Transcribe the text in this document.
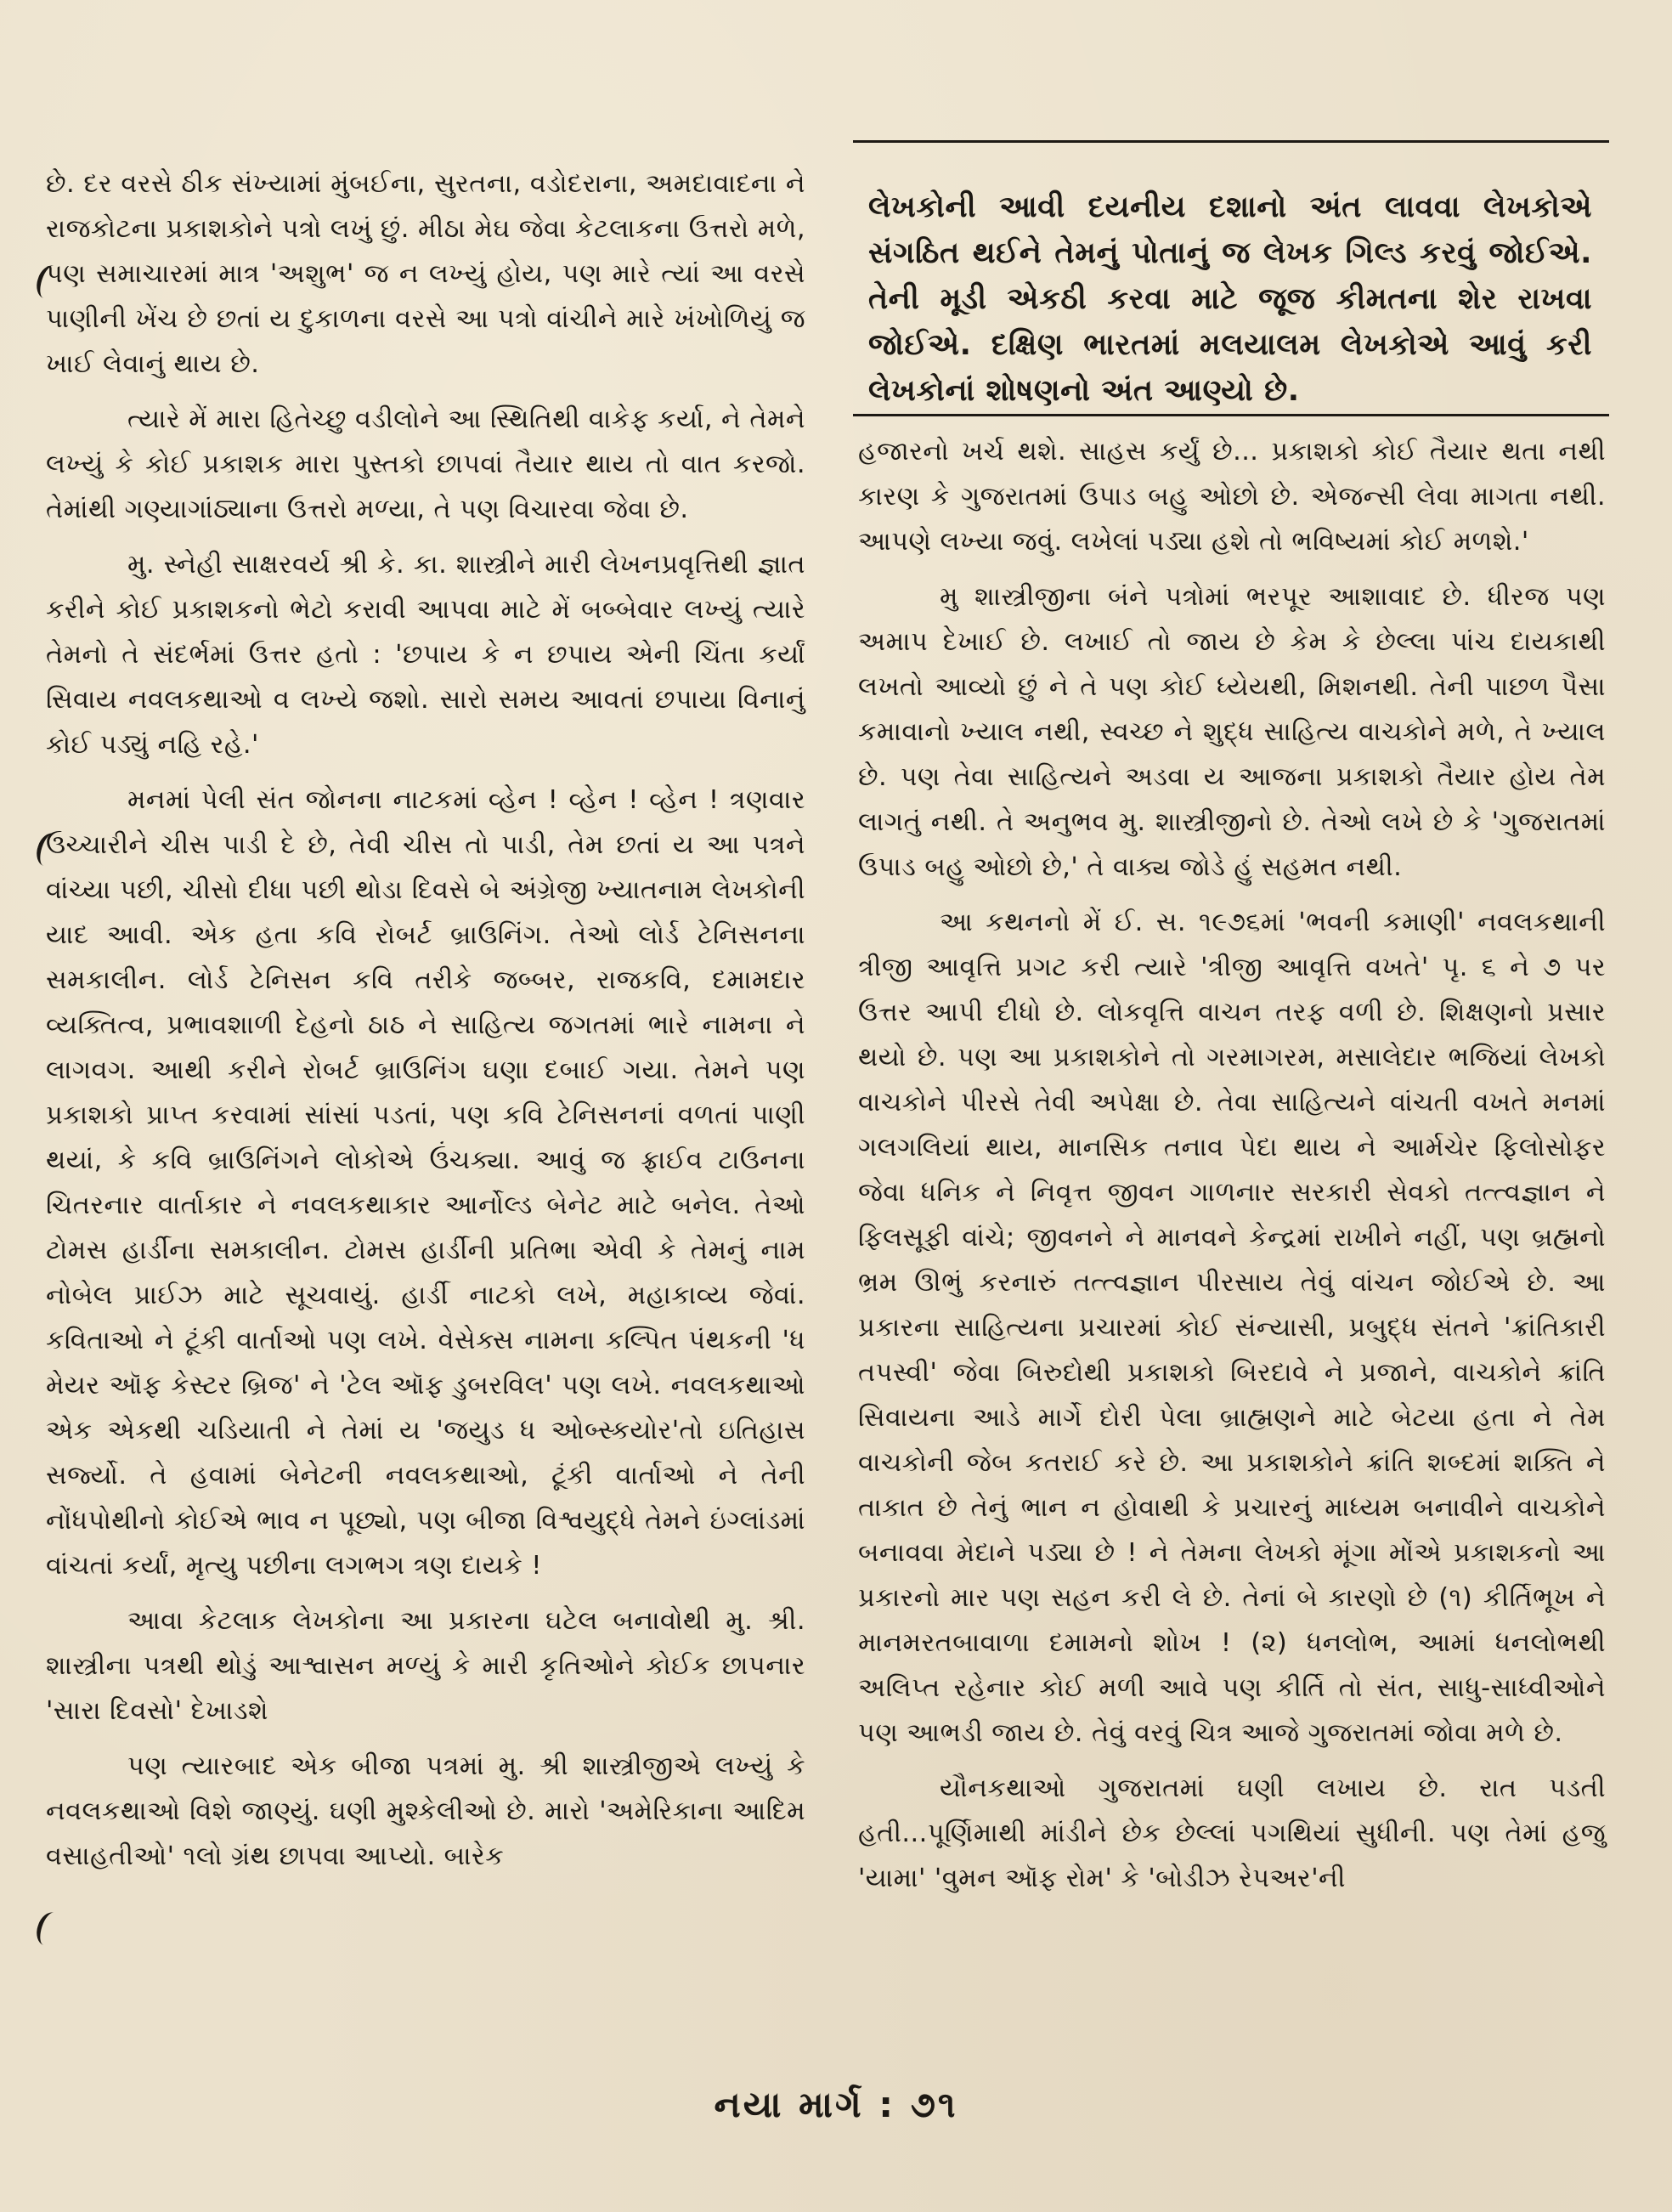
છે. દર વરસે ઠીક સંખ્યામાં મુંબઈના, સુરતના, વડોદરાના, અમદાવાદના ને રાજકોટના પ્રકાશકોને પત્રો લખું છું. મીઠા મેઘ જેવા કેટલાકના ઉત્તરો મળે, પણ સમાચારમાં માત્ર 'અશુભ' જ ન લખ્યું હોય, પણ મારે ત્યાં આ વરસે પાણીની ખેંચ છે છતાં ય દુકાળના વરસે આ પત્રો વાંચીને મારે ખંખોળિયું જ ખાઈ લેવાનું થાય છે.

ત્યારે મેં મારા હિતેચ્છુ વડીલોને આ સ્થિતિથી વાકેફ કર્યા, ને તેમને લખ્યું કે કોઈ પ્રકાશક મારા પુસ્તકો છાપવાં તૈયાર થાય તો વાત કરજો. તેમાંથી ગણ્યાગાંઠ્યાના ઉત્તરો મળ્યા, તે પણ વિચારવા જેવા છે.

મુ. સ્નેહી સાક્ષરવર્ય શ્રી કે. કા. શાસ્ત્રીને મારી લેખનપ્રવૃત્તિથી જ્ઞાત કરીને કોઈ પ્રકાશકનો ભેટો કરાવી આપવા માટે મેં બબ્બેવાર લખ્યું ત્યારે તેમનો તે સંદર્ભમાં ઉત્તર હતો : 'છપાય કે ન છપાય એની ચિંતા કર્યાં સિવાય નવલકથાઓ વ લખ્યે જશો. સારો સમય આવતાં છપાયા વિનાનું કોઈ પડ્યું નહિ રહે.'

મનમાં પેલી સંત જોનના નાટકમાં વ્હેન ! વ્હેન ! વ્હેન ! ત્રણવાર ઉચ્ચારીને ચીસ પાડી દે છે, તેવી ચીસ તો પાડી, તેમ છતાં ય આ પત્રને વાંચ્યા પછી, ચીસો દીધા પછી થોડા દિવસે બે અંગ્રેજી ખ્યાતનામ લેખકોની યાદ આવી. એક હતા કવિ રોબર્ટ બ્રાઉનિંગ. તેઓ લોર્ડ ટેનિસનના સમકાલીન. લોર્ડ ટેનિસન કવિ તરીકે જબ્બર, રાજકવિ, દમામદાર વ્યક્તિત્વ, પ્રભાવશાળી દેહનો ઠાઠ ને સાહિત્ય જગતમાં ભારે નામના ને લાગવગ. આથી કરીને રોબર્ટ બ્રાઉનિંગ ઘણા દબાઈ ગયા. તેમને પણ પ્રકાશકો પ્રાપ્ત કરવામાં સાંસાં પડતાં, પણ કવિ ટેનિસનનાં વળતાં પાણી થયાં, કે કવિ બ્રાઉનિંગને લોકોએ ઉંચક્યા. આવું જ ફ્રાઈવ ટાઉનના ચિતરનાર વાર્તાકાર ને નવલકથાકાર આર્નોલ્ડ બેનેટ માટે બનેલ. તેઓ ટોમસ હાર્ડીના સમકાલીન. ટોમસ હાર્ડીની પ્રતિભા એવી કે તેમનું નામ નોબેલ પ્રાઈઝ માટે સૂચવાયું. હાર્ડી નાટકો લખે, મહાકાવ્ય જેવાં. કવિતાઓ ને ટૂંકી વાર્તાઓ પણ લખે. વેસેક્સ નામના કલ્પિત પંથકની 'ધ મેયર ઑફ કેસ્ટર બ્રિજ' ને 'ટેલ ઑફ ડુબરવિલ' પણ લખે. નવલકથાઓ એક એકથી ચડિયાતી ને તેમાં ય 'જયુડ ધ ઓબ્સ્કયોર'તો ઇતિહાસ સર્જ્યો. તે હવામાં બેનેટની નવલકથાઓ, ટૂંકી વાર્તાઓ ને તેની નોંધપોથીનો કોઈએ ભાવ ન પૂછ્યો, પણ બીજા વિશ્વયુદ્ધે તેમને ઇંગ્લાંડમાં વાંચતાં કર્યાં, મૃત્યુ પછીના લગભગ ત્રણ દાયકે !

આવા કેટલાક લેખકોના આ પ્રકારના ઘટેલ બનાવોથી મુ. શ્રી. શાસ્ત્રીના પત્રથી થોડું આશ્વાસન મળ્યું કે મારી કૃતિઓને કોઈક છાપનાર 'સારા દિવસો' દેખાડશે

પણ ત્યારબાદ એક બીજા પત્રમાં મુ. શ્રી શાસ્ત્રીજીએ લખ્યું કે નવલકથાઓ વિશે જાણ્યું. ઘણી મુશ્કેલીઓ છે. મારો 'અમેરિકાના આદિમ વસાહતીઓ' ૧લો ગ્રંથ છાપવા આપ્યો. બારેક

લેખકોની આવી દયનીય દશાનો અંત લાવવા લેખકોએ સંગઠિત થઈને તેમનું પોતાનું જ લેખક ગિલ્ડ કરવું જોઈએ. તેની મૂડી એકઠી કરવા માટે જૂજ કીમતના શેર રાખવા જોઈએ. દક્ષિણ ભારતમાં મલયાલમ લેખકોએ આવું કરી લેખકોનાં શોષણનો અંત આણ્યો છે.

હજારનો ખર્ચ થશે. સાહસ કર્યું છે... પ્રકાશકો કોઈ તૈયાર થતા નથી કારણ કે ગુજરાતમાં ઉપાડ બહુ ઓછો છે. એજન્સી લેવા માગતા નથી. આપણે લખ્યા જવું. લખેલાં પડ્યા હશે તો ભવિષ્યમાં કોઈ મળશે.'

મુ શાસ્ત્રીજીના બંને પત્રોમાં ભરપૂર આશાવાદ છે. ધીરજ પણ અમાપ દેખાઈ છે. લખાઈ તો જાય છે કેમ કે છેલ્લા પાંચ દાયકાથી લખતો આવ્યો છું ને તે પણ કોઈ ધ્યેયથી, મિશનથી. તેની પાછળ પૈસા કમાવાનો ખ્યાલ નથી, સ્વચ્છ ને શુદ્ધ સાહિત્ય વાચકોને મળે, તે ખ્યાલ છે. પણ તેવા સાહિત્યને અડવા ય આજના પ્રકાશકો તૈયાર હોય તેમ લાગતું નથી. તે અનુભવ મુ. શાસ્ત્રીજીનો છે. તેઓ લખે છે કે 'ગુજરાતમાં ઉપાડ બહુ ઓછો છે,' તે વાક્ય જોડે હું સહમત નથી.

આ કથનનો મેં ઈ. સ. ૧૯૭૬માં 'ભવની કમાણી' નવલકથાની ત્રીજી આવૃત્તિ પ્રગટ કરી ત્યારે 'ત્રીજી આવૃત્તિ વખતે' પૃ. ૬ ને ૭ પર ઉત્તર આપી દીધો છે. લોકવૃત્તિ વાચન તરફ વળી છે. શિક્ષણનો પ્રસાર થયો છે. પણ આ પ્રકાશકોને તો ગરમાગરમ, મસાલેદાર ભજિયાં લેખકો વાચકોને પીરસે તેવી અપેક્ષા છે. તેવા સાહિત્યને વાંચતી વખતે મનમાં ગલગલિયાં થાય, માનસિક તનાવ પેદા થાય ને આર્મચેર ફિલોસોફર જેવા ધનિક ને નિવૃત્ત જીવન ગાળનાર સરકારી સેવકો તત્ત્વજ્ઞાન ને ફિલસૂફી વાંચે; જીવનને ને માનવને કેન્દ્રમાં રાખીને નહીં, પણ બ્રહ્મનો ભ્રમ ઊભું કરનારું તત્ત્વજ્ઞાન પીરસાય તેવું વાંચન જોઈએ છે. આ પ્રકારના સાહિત્યના પ્રચારમાં કોઈ સંન્યાસી, પ્રબુદ્ધ સંતને 'ક્રાંતિકારી તપસ્વી' જેવા બિરુદોથી પ્રકાશકો બિરદાવે ને પ્રજાને, વાચકોને ક્રાંતિ સિવાયના આડે માર્ગે દોરી પેલા બ્રાહ્મણને માટે બેટયા હતા ને તેમ વાચકોની જેબ કતરાઈ કરે છે. આ પ્રકાશકોને ક્રાંતિ શબ્દમાં શક્તિ ને તાકાત છે તેનું ભાન ન હોવાથી કે પ્રચારનું માધ્યમ બનાવીને વાચકોને બનાવવા મેદાને પડ્યા છે ! ને તેમના લેખકો મૂંગા મોંએ પ્રકાશકનો આ પ્રકારનો માર પણ સહન કરી લે છે. તેનાં બે કારણો છે (૧) કીર્તિભૂખ ને માનમરતબાવાળા દમામનો શોખ ! (૨) ધનલોભ, આમાં ધનલોભથી અલિપ્ત રહેનાર કોઈ મળી આવે પણ કીર્તિ તો સંત, સાધુ-સાધ્વીઓને પણ આભડી જાય છે. તેવું વરવું ચિત્ર આજે ગુજરાતમાં જોવા મળે છે.

યૌનકથાઓ ગુજરાતમાં ઘણી લખાય છે. રાત પડતી હતી...પૂર્ણિમાથી માંડીને છેક છેલ્લાં પગથિયાં સુધીની. પણ તેમાં હજુ 'યામા' 'વુમન ઑફ રોમ' કે 'બોડીઝ રેપઅર'ની

નયા માર્ગ : ૭૧
